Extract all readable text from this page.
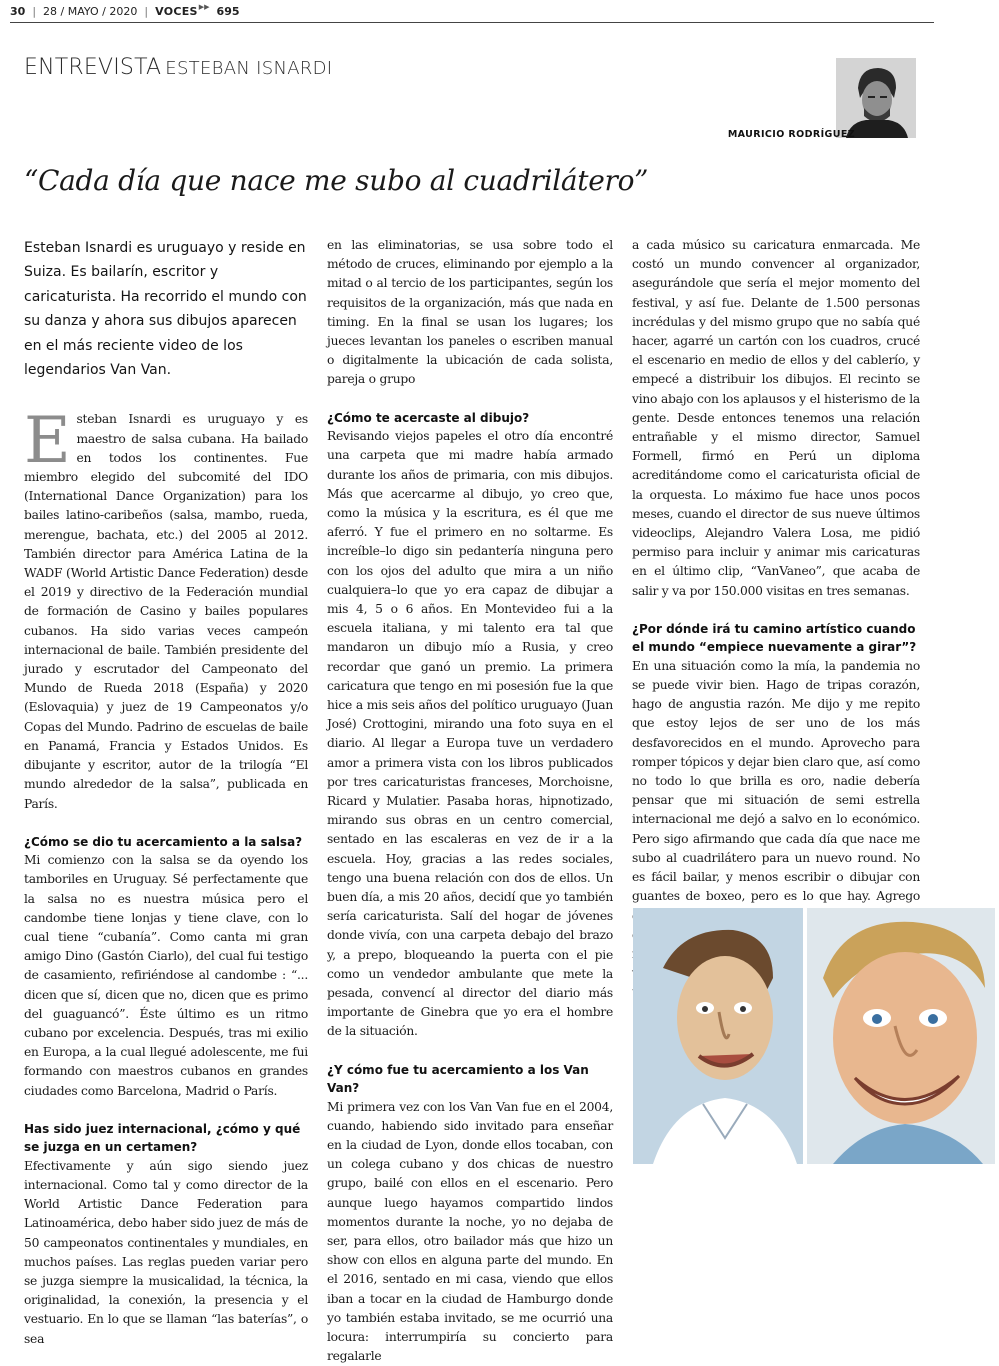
30 | 28 / MAYO / 2020 | VOCES ▶▶ 695
ENTREVISTA ESTEBAN ISNARDI
MAURICIO RODRÍGUEZ
“Cada día que nace me subo al cuadrilátero”

Esteban Isnardi es uruguayo y reside en Suiza. Es bailarín, escritor y caricaturista. Ha recorrido el mundo con su danza y ahora sus dibujos aparecen en el más reciente video de los legendarios Van Van.

Esteban Isnardi es uruguayo y es maestro de salsa cubana. Ha bailado en todos los continentes. Fue miembro elegido del subcomité del IDO (International Dance Organization) para los bailes latino-caribeños (salsa, mambo, rueda, merengue, bachata, etc.) del 2005 al 2012. También director para América Latina de la WADF (World Artistic Dance Federation) desde el 2019 y directivo de la Federación mundial de formación de Casino y bailes populares cubanos. Ha sido varias veces campeón internacional de baile. También presidente del jurado y escrutador del Campeonato del Mundo de Rueda 2018 (España) y 2020 (Eslovaquia) y juez de 19 Campeonatos y/o Copas del Mundo. Padrino de escuelas de baile en Panamá, Francia y Estados Unidos. Es dibujante y escritor, autor de la trilogía “El mundo alrededor de la salsa”, publicada en París.

¿Cómo se dio tu acercamiento a la salsa?

Mi comienzo con la salsa se da oyendo los tamboriles en Uruguay. Sé perfectamente que la salsa no es nuestra música pero el candombe tiene lonjas y tiene clave, con lo cual tiene “cubanía”. Como canta mi gran amigo Dino (Gastón Ciarlo), del cual fui testigo de casamiento, refiriéndose al candombe : “... dicen que sí, dicen que no, dicen que es primo del guaguancó”. Éste último es un ritmo cubano por excelencia. Después, tras mi exilio en Europa, a la cual llegué adolescente, me fui formando con maestros cubanos en grandes ciudades como Barcelona, Madrid o París.

Has sido juez internacional, ¿cómo y qué se juzga en un certamen?

Efectivamente y aún sigo siendo juez internacional. Como tal y como director de la World Artistic Dance Federation para Latinoamérica, debo haber sido juez de más de 50 campeonatos continentales y mundiales, en muchos países. Las reglas pueden variar pero se juzga siempre la musicalidad, la técnica, la originalidad, la conexión, la presencia y el vestuario. En lo que se llaman “las baterías”, o sea

en las eliminatorias, se usa sobre todo el método de cruces, eliminando por ejemplo a la mitad o al tercio de los participantes, según los requisitos de la organización, más que nada en timing. En la final se usan los lugares; los jueces levantan los paneles o escriben manual o digitalmente la ubicación de cada solista, pareja o grupo

¿Cómo te acercaste al dibujo?

Revisando viejos papeles el otro día encontré una carpeta que mi madre había armado durante los años de primaria, con mis dibujos. Más que acercarme al dibujo, yo creo que, como la música y la escritura, es él que me aferró. Y fue el primero en no soltarme. Es increíble–lo digo sin pedantería ninguna pero con los ojos del adulto que mira a un niño cualquiera–lo que yo era capaz de dibujar a mis 4, 5 o 6 años. En Montevideo fui a la escuela italiana, y mi talento era tal que mandaron un dibujo mío a Rusia, y creo recordar que ganó un premio. La primera caricatura que tengo en mi posesión fue la que hice a mis seis años del político uruguayo (Juan José) Crottogini, mirando una foto suya en el diario. Al llegar a Europa tuve un verdadero amor a primera vista con los libros publicados por tres caricaturistas franceses, Morchoisne, Ricard y Mulatier. Pasaba horas, hipnotizado, mirando sus obras en un centro comercial, sentado en las escaleras en vez de ir a la escuela. Hoy, gracias a las redes sociales, tengo una buena relación con dos de ellos. Un buen día, a mis 20 años, decidí que yo también sería caricaturista. Salí del hogar de jóvenes donde vivía, con una carpeta debajo del brazo y, a prepo, bloqueando la puerta con el pie como un vendedor ambulante que mete la pesada, convencí al director del diario más importante de Ginebra que yo era el hombre de la situación.

¿Y cómo fue tu acercamiento a los Van Van?

Mi primera vez con los Van Van fue en el 2004, cuando, habiendo sido invitado para enseñar en la ciudad de Lyon, donde ellos tocaban, con un colega cubano y dos chicas de nuestro grupo, bailé con ellos en el escenario. Pero aunque luego hayamos compartido lindos momentos durante la noche, yo no dejaba de ser, para ellos, otro bailador más que hizo un show con ellos en alguna parte del mundo. En el 2016, sentado en mi casa, viendo que ellos iban a tocar en la ciudad de Hamburgo donde yo también estaba invitado, se me ocurrió una locura: interrumpiría su concierto para regalarle

a cada músico su caricatura enmarcada. Me costó un mundo convencer al organizador, asegurándole que sería el mejor momento del festival, y así fue. Delante de 1.500 personas incrédulas y del mismo grupo que no sabía qué hacer, agarré un cartón con los cuadros, crucé el escenario en medio de ellos y del cablerío, y empecé a distribuir los dibujos. El recinto se vino abajo con los aplausos y el histerismo de la gente. Desde entonces tenemos una relación entrañable y el mismo director, Samuel Formell, firmó en Perú un diploma acreditándome como el caricaturista oficial de la orquesta. Lo máximo fue hace unos pocos meses, cuando el director de sus nueve últimos videoclips, Alejandro Valera Losa, me pidió permiso para incluir y animar mis caricaturas en el último clip, “VanVaneo”, que acaba de salir y va por 150.000 visitas en tres semanas.

¿Por dónde irá tu camino artístico cuando el mundo “empiece nuevamente a girar”?

En una situación como la mía, la pandemia no se puede vivir bien. Hago de tripas corazón, hago de angustia razón. Me dijo y me repito que estoy lejos de ser uno de los más desfavorecidos en el mundo. Aprovecho para romper tópicos y dejar bien claro que, así como no todo lo que brilla es oro, nadie debería pensar que mi situación de semi estrella internacional me dejó a salvo en lo económico. Pero sigo afirmando que cada día que nace me subo al cuadrilátero para un nuevo round. No es fácil bailar, y menos escribir o dibujar con guantes de boxeo, pero es lo que hay. Agrego
